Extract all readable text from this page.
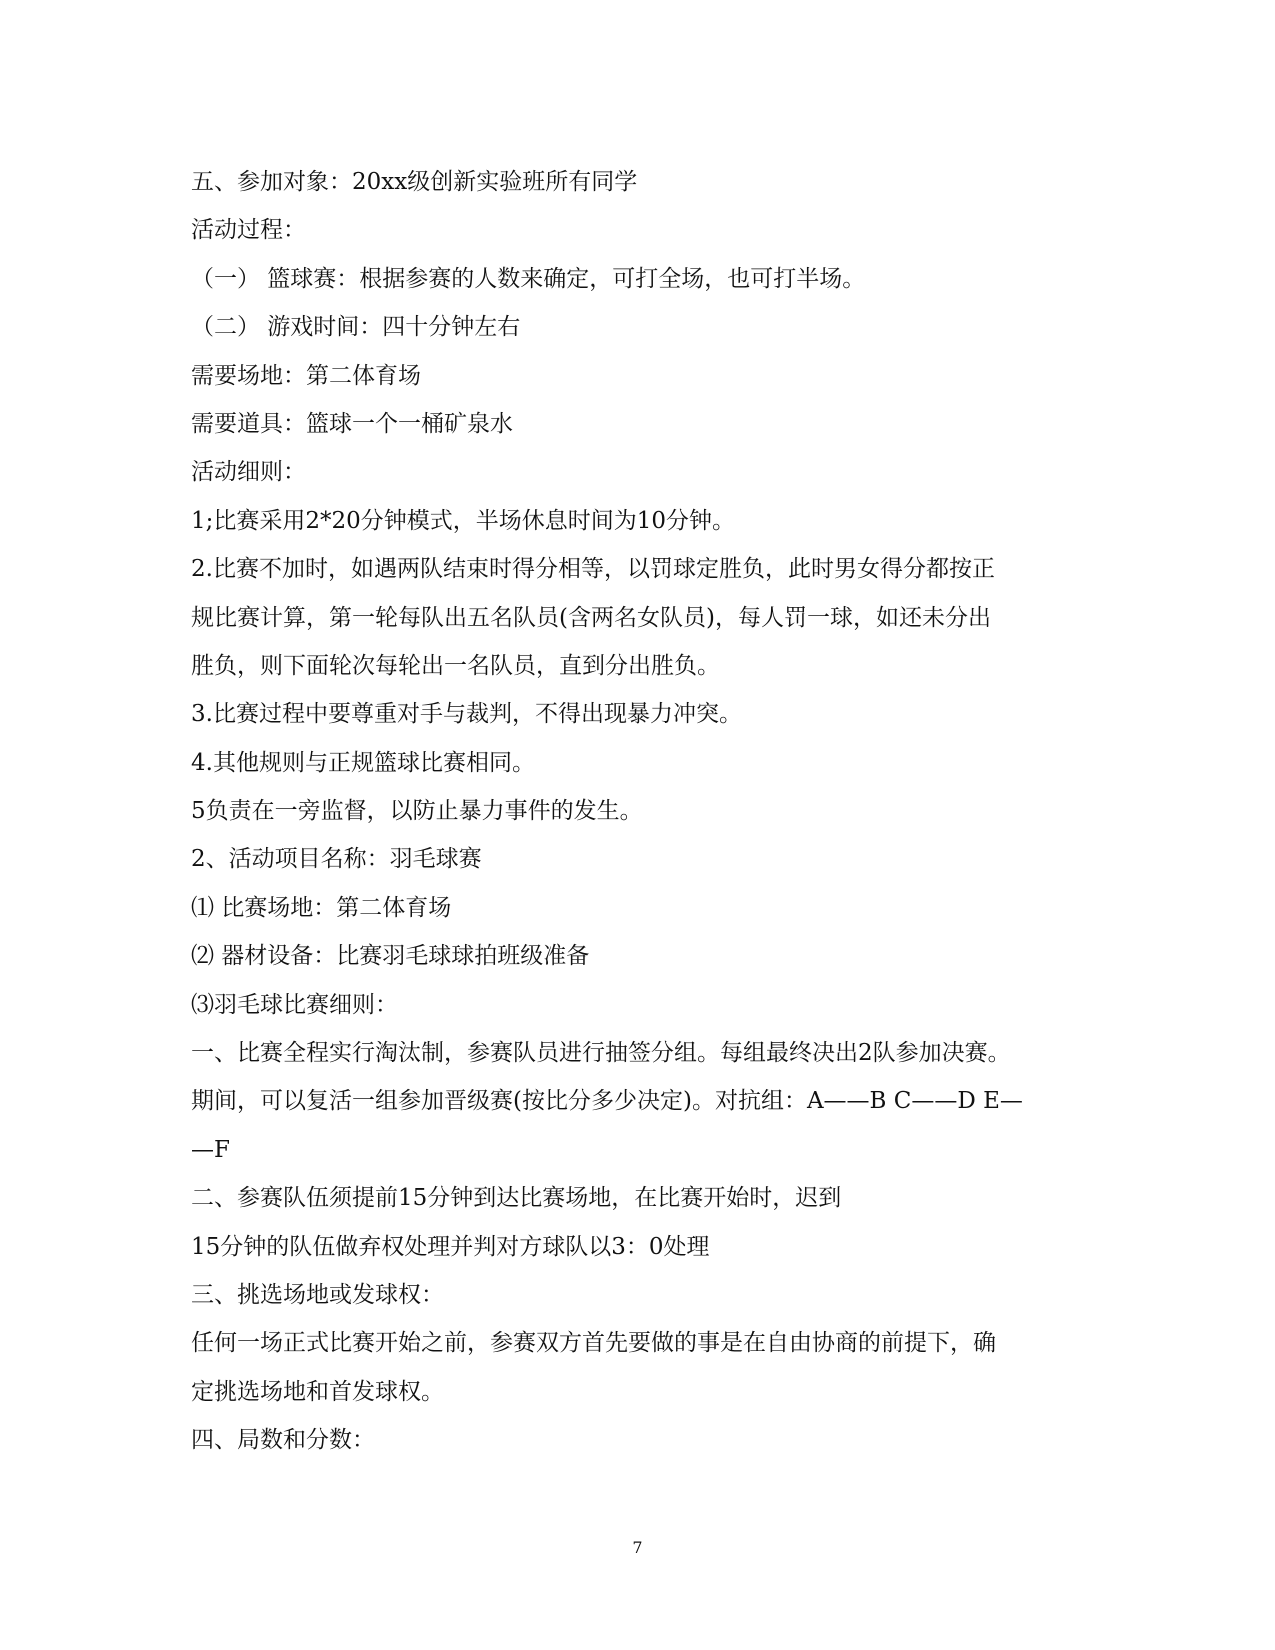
五、参加对象：20xx级创新实验班所有同学
活动过程：
（一） 篮球赛：根据参赛的人数来确定，可打全场，也可打半场。
（二） 游戏时间：四十分钟左右
需要场地：第二体育场
需要道具：篮球一个一桶矿泉水
活动细则：
1;比赛采用2*20分钟模式，半场休息时间为10分钟。
2.比赛不加时，如遇两队结束时得分相等，以罚球定胜负，此时男女得分都按正
规比赛计算，第一轮每队出五名队员(含两名女队员)，每人罚一球，如还未分出
胜负，则下面轮次每轮出一名队员，直到分出胜负。
3.比赛过程中要尊重对手与裁判，不得出现暴力冲突。
4.其他规则与正规篮球比赛相同。
5负责在一旁监督，以防止暴力事件的发生。
2、活动项目名称：羽毛球赛
⑴ 比赛场地：第二体育场
⑵ 器材设备：比赛羽毛球球拍班级准备
⑶羽毛球比赛细则：
一、比赛全程实行淘汰制，参赛队员进行抽签分组。每组最终决出2队参加决赛。
期间，可以复活一组参加晋级赛(按比分多少决定)。对抗组：A——B C——D E—
—F
二、参赛队伍须提前15分钟到达比赛场地，在比赛开始时，迟到
15分钟的队伍做弃权处理并判对方球队以3：0处理
三、挑选场地或发球权：
任何一场正式比赛开始之前，参赛双方首先要做的事是在自由协商的前提下，确
定挑选场地和首发球权。
四、局数和分数：
7
